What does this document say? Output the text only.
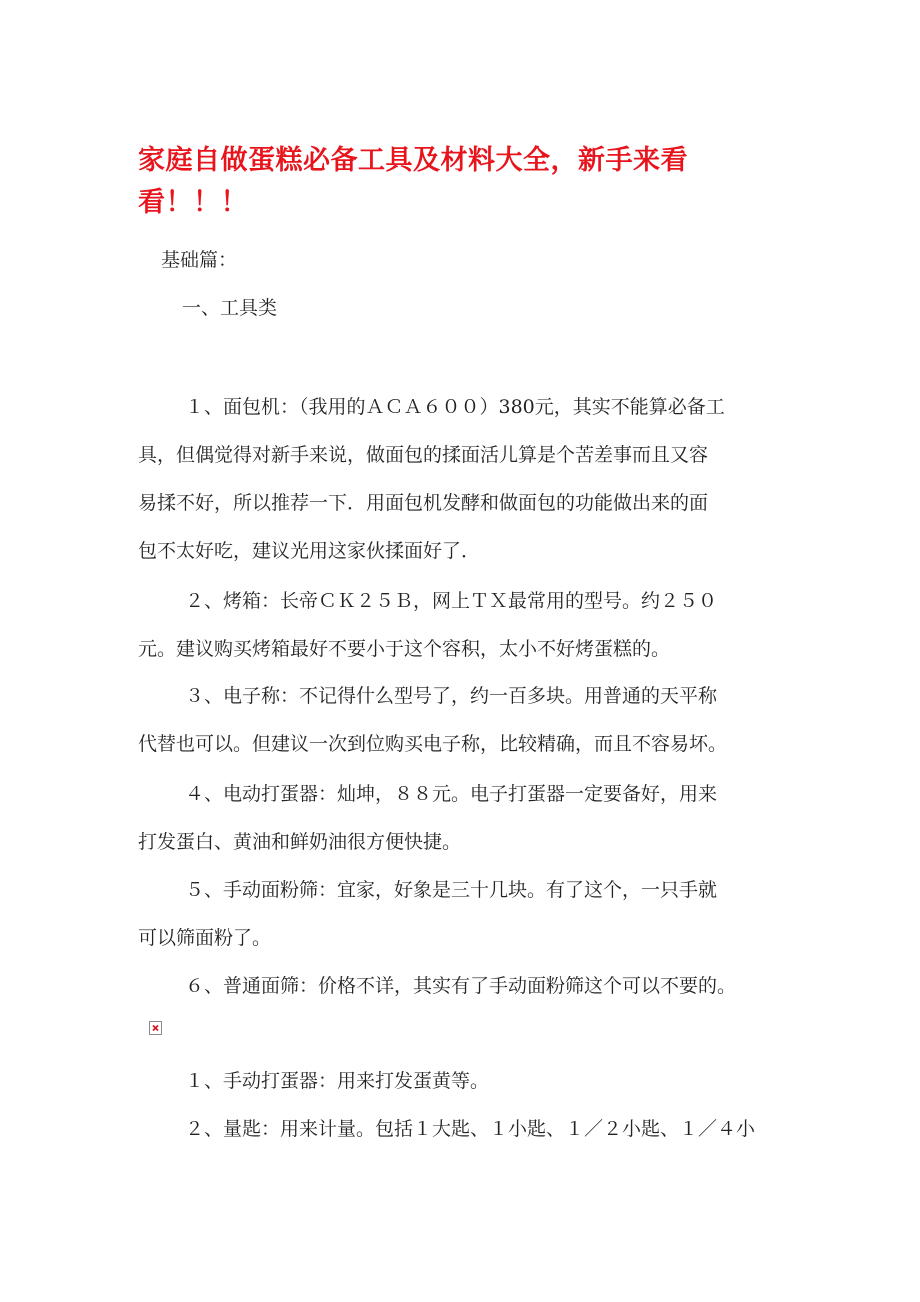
家庭自做蛋糕必备工具及材料大全，新手来看
看！！！

基础篇：

一、工具类

１、面包机：（我用的ＡＣＡ６００）380元，其实不能算必备工

具，但偶觉得对新手来说，做面包的揉面活儿算是个苦差事而且又容

易揉不好，所以推荐一下．用面包机发酵和做面包的功能做出来的面

包不太好吃，建议光用这家伙揉面好了．

２、烤箱：长帝ＣＫ２５Ｂ，网上ＴＸ最常用的型号。约２５０

元。建议购买烤箱最好不要小于这个容积，太小不好烤蛋糕的。

３、电子称：不记得什么型号了，约一百多块。用普通的天平称

代替也可以。但建议一次到位购买电子称，比较精确，而且不容易坏。

４、电动打蛋器：灿坤，８８元。电子打蛋器一定要备好，用来

打发蛋白、黄油和鲜奶油很方便快捷。

５、手动面粉筛：宜家，好象是三十几块。有了这个，一只手就

可以筛面粉了。

６、普通面筛：价格不详，其实有了手动面粉筛这个可以不要的。

１、手动打蛋器：用来打发蛋黄等。

２、量匙：用来计量。包括１大匙、１小匙、１／２小匙、１／４小
